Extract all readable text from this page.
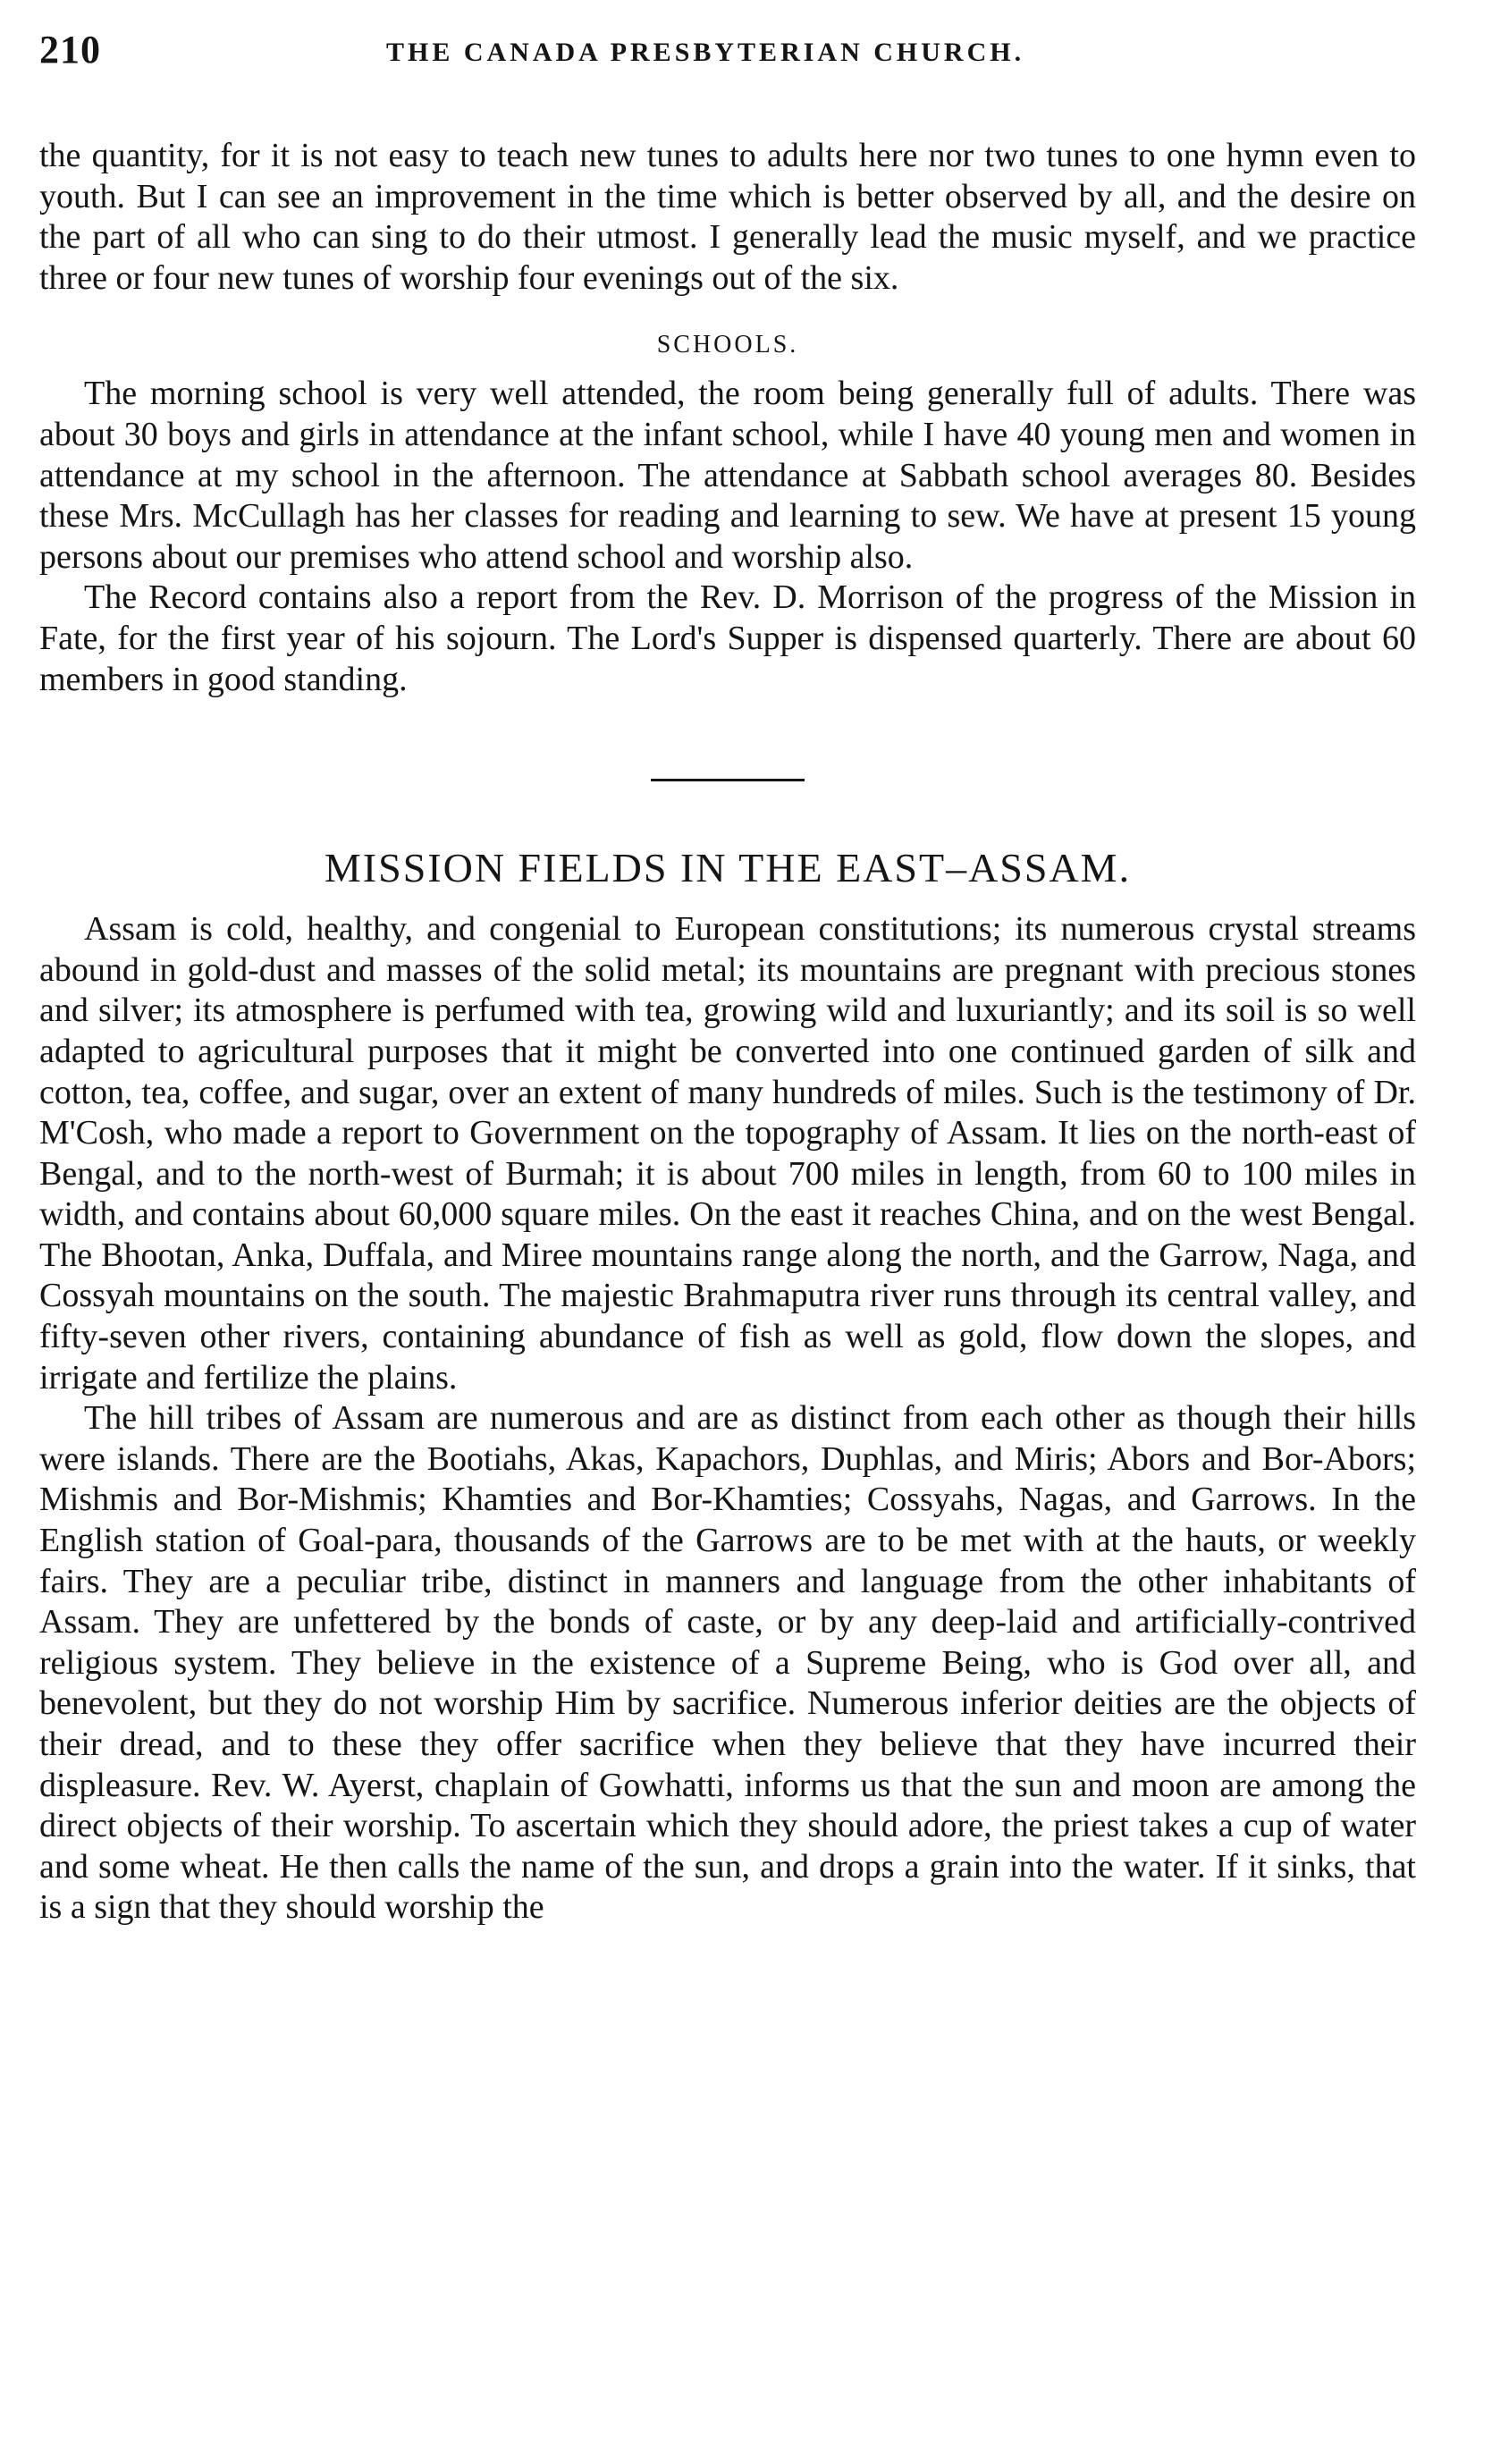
210	THE CANADA PRESBYTERIAN CHURCH.

the quantity, for it is not easy to teach new tunes to adults here nor two tunes to one hymn even to youth. But I can see an improvement in the time which is better observed by all, and the desire on the part of all who can sing to do their utmost. I generally lead the music myself, and we practice three or four new tunes of worship four evenings out of the six.

SCHOOLS.

The morning school is very well attended, the room being generally full of adults. There was about 30 boys and girls in attendance at the infant school, while I have 40 young men and women in attendance at my school in the afternoon. The attendance at Sabbath school averages 80. Besides these Mrs. McCullagh has her classes for reading and learning to sew. We have at present 15 young persons about our premises who attend school and worship also.

The Record contains also a report from the Rev. D. Morrison of the progress of the Mission in Fate, for the first year of his sojourn. The Lord's Supper is dispensed quarterly. There are about 60 members in good standing.

MISSION FIELDS IN THE EAST–ASSAM.

Assam is cold, healthy, and congenial to European constitutions; its numerous crystal streams abound in gold-dust and masses of the solid metal; its mountains are pregnant with precious stones and silver; its atmosphere is perfumed with tea, growing wild and luxuriantly; and its soil is so well adapted to agricultural purposes that it might be converted into one continued garden of silk and cotton, tea, coffee, and sugar, over an extent of many hundreds of miles. Such is the testimony of Dr. M'Cosh, who made a report to Government on the topography of Assam. It lies on the north-east of Bengal, and to the north-west of Burmah; it is about 700 miles in length, from 60 to 100 miles in width, and contains about 60,000 square miles. On the east it reaches China, and on the west Bengal. The Bhootan, Anka, Duffala, and Miree mountains range along the north, and the Garrow, Naga, and Cossyah mountains on the south. The majestic Brahmaputra river runs through its central valley, and fifty-seven other rivers, containing abundance of fish as well as gold, flow down the slopes, and irrigate and fertilize the plains.

The hill tribes of Assam are numerous and are as distinct from each other as though their hills were islands. There are the Bootiahs, Akas, Kapachors, Duphlas, and Miris; Abors and Bor-Abors; Mishmis and Bor-Mishmis; Khamties and Bor-Khamties; Cossyahs, Nagas, and Garrows. In the English station of Goal-para, thousands of the Garrows are to be met with at the hauts, or weekly fairs. They are a peculiar tribe, distinct in manners and language from the other inhabitants of Assam. They are unfettered by the bonds of caste, or by any deep-laid and artificially-contrived religious system. They believe in the existence of a Supreme Being, who is God over all, and benevolent, but they do not worship Him by sacrifice. Numerous inferior deities are the objects of their dread, and to these they offer sacrifice when they believe that they have incurred their displeasure. Rev. W. Ayerst, chaplain of Gowhatti, informs us that the sun and moon are among the direct objects of their worship. To ascertain which they should adore, the priest takes a cup of water and some wheat. He then calls the name of the sun, and drops a grain into the water. If it sinks, that is a sign that they should worship the
